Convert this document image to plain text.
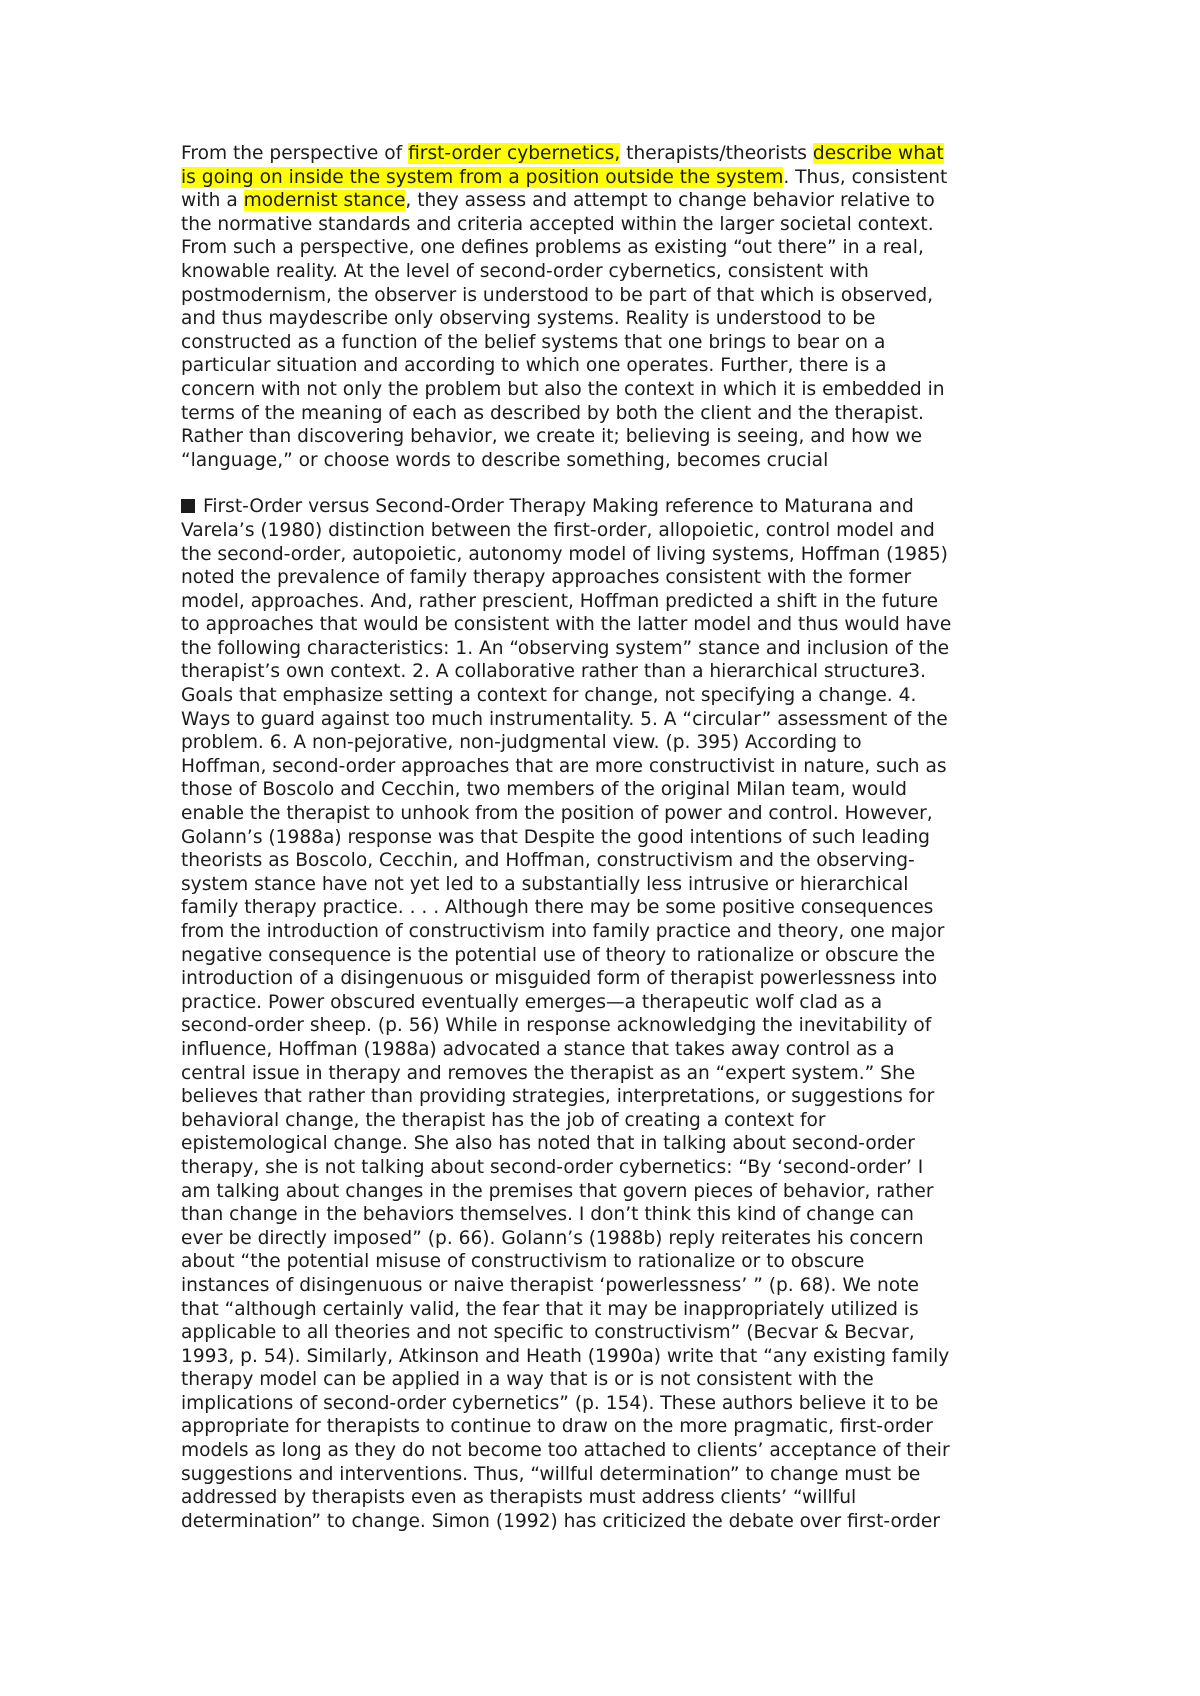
From the perspective of first-order cybernetics, therapists/theorists describe what
is going on inside the system from a position outside the system. Thus, consistent
with a modernist stance, they assess and attempt to change behavior relative to
the normative standards and criteria accepted within the larger societal context.
From such a perspective, one defines problems as existing “out there” in a real,
knowable reality. At the level of second-order cybernetics, consistent with
postmodernism, the observer is understood to be part of that which is observed,
and thus maydescribe only observing systems. Reality is understood to be
constructed as a function of the belief systems that one brings to bear on a
particular situation and according to which one operates. Further, there is a
concern with not only the problem but also the context in which it is embedded in
terms of the meaning of each as described by both the client and the therapist.
Rather than discovering behavior, we create it; believing is seeing, and how we
“language,” or choose words to describe something, becomes crucial
First-Order versus Second-Order Therapy Making reference to Maturana and
Varela’s (1980) distinction between the first-order, allopoietic, control model and
the second-order, autopoietic, autonomy model of living systems, Hoffman (1985)
noted the prevalence of family therapy approaches consistent with the former
model, approaches. And, rather prescient, Hoffman predicted a shift in the future
to approaches that would be consistent with the latter model and thus would have
the following characteristics: 1. An “observing system” stance and inclusion of the
therapist’s own context. 2. A collaborative rather than a hierarchical structure3.
Goals that emphasize setting a context for change, not specifying a change. 4.
Ways to guard against too much instrumentality. 5. A “circular” assessment of the
problem. 6. A non-pejorative, non-judgmental view. (p. 395) According to
Hoffman, second-order approaches that are more constructivist in nature, such as
those of Boscolo and Cecchin, two members of the original Milan team, would
enable the therapist to unhook from the position of power and control. However,
Golann’s (1988a) response was that Despite the good intentions of such leading
theorists as Boscolo, Cecchin, and Hoffman, constructivism and the observing-
system stance have not yet led to a substantially less intrusive or hierarchical
family therapy practice. . . . Although there may be some positive consequences
from the introduction of constructivism into family practice and theory, one major
negative consequence is the potential use of theory to rationalize or obscure the
introduction of a disingenuous or misguided form of therapist powerlessness into
practice. Power obscured eventually emerges—a therapeutic wolf clad as a
second-order sheep. (p. 56) While in response acknowledging the inevitability of
influence, Hoffman (1988a) advocated a stance that takes away control as a
central issue in therapy and removes the therapist as an “expert system.” She
believes that rather than providing strategies, interpretations, or suggestions for
behavioral change, the therapist has the job of creating a context for
epistemological change. She also has noted that in talking about second-order
therapy, she is not talking about second-order cybernetics: “By ‘second-order’ I
am talking about changes in the premises that govern pieces of behavior, rather
than change in the behaviors themselves. I don’t think this kind of change can
ever be directly imposed” (p. 66). Golann’s (1988b) reply reiterates his concern
about “the potential misuse of constructivism to rationalize or to obscure
instances of disingenuous or naive therapist ‘powerlessness’ ” (p. 68). We note
that “although certainly valid, the fear that it may be inappropriately utilized is
applicable to all theories and not specific to constructivism” (Becvar & Becvar,
1993, p. 54). Similarly, Atkinson and Heath (1990a) write that “any existing family
therapy model can be applied in a way that is or is not consistent with the
implications of second-order cybernetics” (p. 154). These authors believe it to be
appropriate for therapists to continue to draw on the more pragmatic, first-order
models as long as they do not become too attached to clients’ acceptance of their
suggestions and interventions. Thus, “willful determination” to change must be
addressed by therapists even as therapists must address clients’ “willful
determination” to change. Simon (1992) has criticized the debate over first-order
